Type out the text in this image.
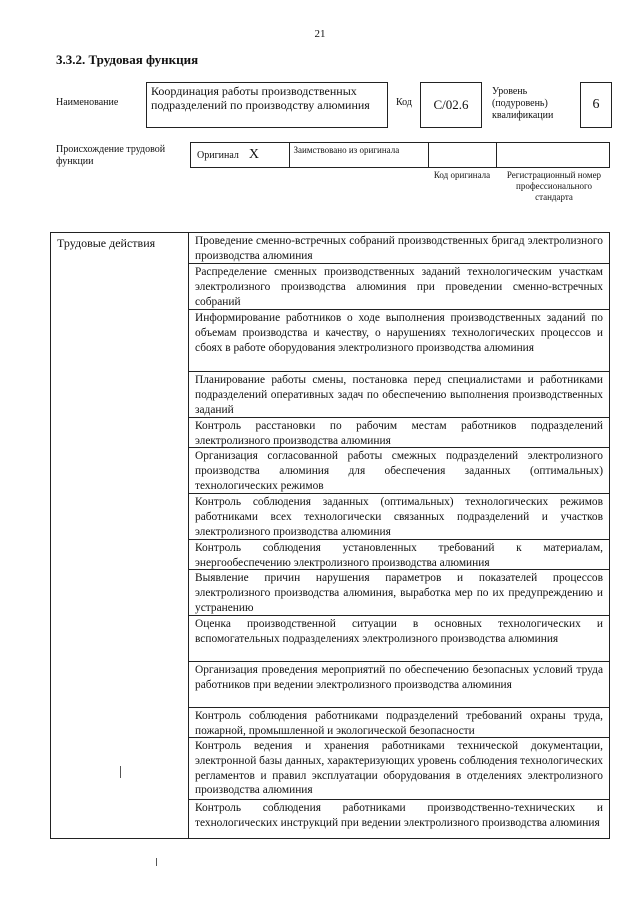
21
3.3.2. Трудовая функция
Наименование
Координация работы производственных подразделений по производству алюминия	Код	С/02.6
Уровень (подуровень) квалификации
6
Происхождение трудовой функции
Оригинал X	Заимствовано из оригинала
Код оригинала	Регистрационный номер профессионального стандарта
Трудовые действия	Проведение сменно-встречных собраний производственных бригад электролизного производства алюминия
Распределение сменных производственных заданий технологическим участкам электролизного производства алюминия при проведении сменно-встречных собраний
Информирование работников о ходе выполнения производственных заданий по объемам производства и качеству, о нарушениях технологических процессов и сбоях в работе оборудования электролизного производства алюминия
Планирование работы смены, постановка перед специалистами и работниками подразделений оперативных задач по обеспечению выполнения производственных заданий
Контроль расстановки по рабочим местам работников подразделений электролизного производства алюминия
Организация согласованной работы смежных подразделений электролизного производства алюминия для обеспечения заданных (оптимальных) технологических режимов
Контроль соблюдения заданных (оптимальных) технологических режимов работниками всех технологически связанных подразделений и участков электролизного производства алюминия
Контроль соблюдения установленных требований к материалам, энергообеспечению электролизного производства алюминия
Выявление причин нарушения параметров и показателей процессов электролизного производства алюминия, выработка мер по их предупреждению и устранению
Оценка производственной ситуации в основных технологических и вспомогательных подразделениях электролизного производства алюминия
Организация проведения мероприятий по обеспечению безопасных условий труда работников при ведении электролизного производства алюминия
Контроль соблюдения работниками подразделений требований охраны труда, пожарной, промышленной и экологической безопасности
Контроль ведения и хранения работниками технической документации, электронной базы данных, характеризующих уровень соблюдения технологических регламентов и правил эксплуатации оборудования в отделениях электролизного производства алюминия
Контроль соблюдения работниками производственно-технических и технологических инструкций при ведении электролизного производства алюминия
